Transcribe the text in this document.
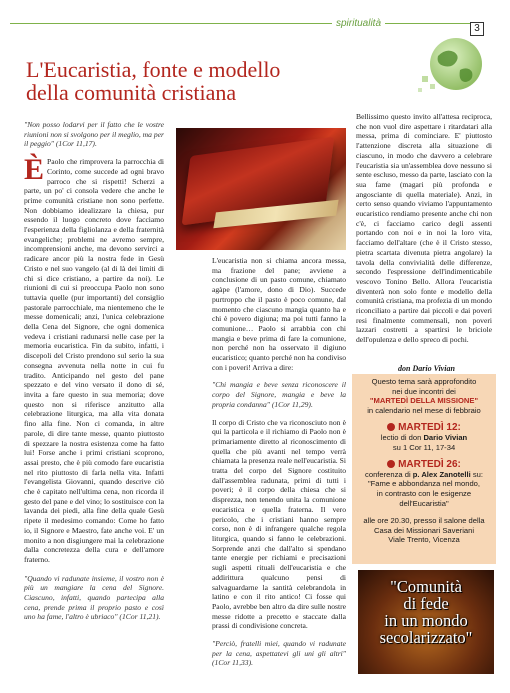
spiritualità	3
L'Eucaristia, fonte e modello
della comunità cristiana

"Non posso lodarvi per il fatto che le vostre riunioni non si svolgono per il meglio, ma per il peggio" (1Cor 11,17).

È Paolo che rimprovera la parrocchia di Corinto, come succede ad ogni bravo parroco che si rispetti! Scherzi a parte, un po' ci consola vedere che anche le prime comunità cristiane non sono perfette. Non dobbiamo idealizzare la chiesa, pur essendo il luogo concreto dove facciamo l'esperienza della figliolanza e della fraternità evangeliche; problemi ne avremo sempre, incomprensioni anche, ma devono servirci a radicare ancor più la nostra fede in Gesù Cristo e nel suo vangelo (al di là dei limiti di chi si dice cristiano, a partire da noi). Le riunioni di cui si preoccupa Paolo non sono tuttavia quelle (pur importanti) del consiglio pastorale parrocchiale, ma nientemeno che le messe domenicali; anzi, l'unica celebrazione della Cena del Signore, che ogni domenica vedeva i cristiani radunarsi nelle case per la memoria eucaristica. Fin da subito, infatti, i discepoli del Cristo prendono sul serio la sua consegna avvenuta nella notte in cui fu tradito. Anticipando nel gesto del pane spezzato e del vino versato il dono di sé, invita a fare questo in sua memoria; dove questo non si riferisce anzitutto alla celebrazione liturgica, ma alla vita donata fino alla fine. Non ci comanda, in altre parole, di dire tante messe, quanto piuttosto di spezzare la nostra esistenza come ha fatto lui! Forse anche i primi cristiani scoprono, assai presto, che è più comodo fare eucaristia nel rito piuttosto di farla nella vita. Infatti l'evangelista Giovanni, quando descrive ciò che è capitato nell'ultima cena, non ricorda il gesto del pane e del vino; lo sostituisce con la lavanda dei piedi, alla fine della quale Gesù ripete il medesimo comando: Come ho fatto io, il Signore e Maestro, fate anche voi. E' un monito a non disgiungere mai la celebrazione dalla concretezza della cura e dell'amore fraterno.

"Quando vi radunate insieme, il vostro non è più un mangiare la cena del Signore. Ciascuno, infatti, quando partecipa alla cena, prende prima il proprio pasto e così uno ha fame, l'altro è ubriaco" (1Cor 11,21).

L'eucaristia non si chiama ancora messa, ma frazione del pane; avviene a conclusione di un pasto comune, chiamato agàpe (l'amore, dono di Dio). Succede purtroppo che il pasto è poco comune, dal momento che ciascuno mangia quanto ha e chi è povero digiuna; ma poi tutti fanno la comunione… Paolo si arrabbia con chi mangia e beve prima di fare la comunione, non perché non ha osservato il digiuno eucaristico; quanto perché non ha condiviso con i poveri! Arriva a dire:

"Chi mangia e beve senza riconoscere il corpo del Signore, mangia e beve la propria condanna" (1Cor 11,29).

Il corpo di Cristo che va riconosciuto non è qui la particola e il richiamo di Paolo non è primariamente diretto al riconoscimento di quella che più avanti nel tempo verrà chiamata la presenza reale nell'eucaristia. Si tratta del corpo del Signore costituito dall'assemblea radunata, primi di tutti i poveri; è il corpo della chiesa che si disprezza, non tenendo unita la comunione eucaristica e quella fraterna. Il vero pericolo, che i cristiani hanno sempre corso, non è di infrangere qualche regola liturgica, quando si fanno le celebrazioni. Sorprende anzi che dall'alto si spendano tante energie per richiami e precisazioni sugli aspetti rituali dell'eucaristia e che addirittura qualcuno pensi di salvaguardarne la santità celebrandola in latino e con il rito antico! Ci fosse qui Paolo, avrebbe ben altro da dire sulle nostre messe ridotte a precetto e staccate dalla prassi di condivisione concreta.

"Perciò, fratelli miei, quando vi radunate per la cena, aspettatevi gli uni gli altri" (1Cor 11,33).

Bellissimo questo invito all'attesa reciproca, che non vuol dire aspettare i ritardatari alla messa, prima di cominciare. E' piuttosto l'attenzione discreta alla situazione di ciascuno, in modo che davvero a celebrare l'eucaristia sia un'assemblea dove nessuno si sente escluso, messo da parte, lasciato con la sua fame (magari più profonda e angosciante di quella materiale). Anzi, in certo senso quando viviamo l'appuntamento eucaristico rendiamo presente anche chi non c'è, ci facciamo carico degli assenti portando con noi e in noi la loro vita, facciamo dell'altare (che è il Cristo stesso, pietra scartata divenuta pietra angolare) la tavola della convivialità delle differenze, secondo l'espressione dell'indimenticabile vescovo Tonino Bello. Allora l'eucaristia diventerà non solo fonte e modello della comunità cristiana, ma profezia di un mondo riconciliato a partire dai piccoli e dai poveri resi finalmente commensali, non poveri lazzari costretti a spartirsi le briciole dell'opulenza e dello spreco di pochi.

don Dario Vivian
Questo tema sarà approfondito
nei due incontri dei
"MARTEDÌ DELLA MISSIONE"
in calendario nel mese di febbraio
MARTEDÌ 12:
lectio di don Dario Vivian
su 1 Cor 11, 17-34
MARTEDÌ 26:
conferenza di p. Alex Zanotelli su:
"Fame e abbondanza nel mondo,
in contrasto con le esigenze
dell'Eucaristia"
alle ore 20.30, presso il salone della
Casa dei Missionari Saveriani
Viale Trento, Vicenza
"Comunità
di fede
in un mondo
secolarizzato"
